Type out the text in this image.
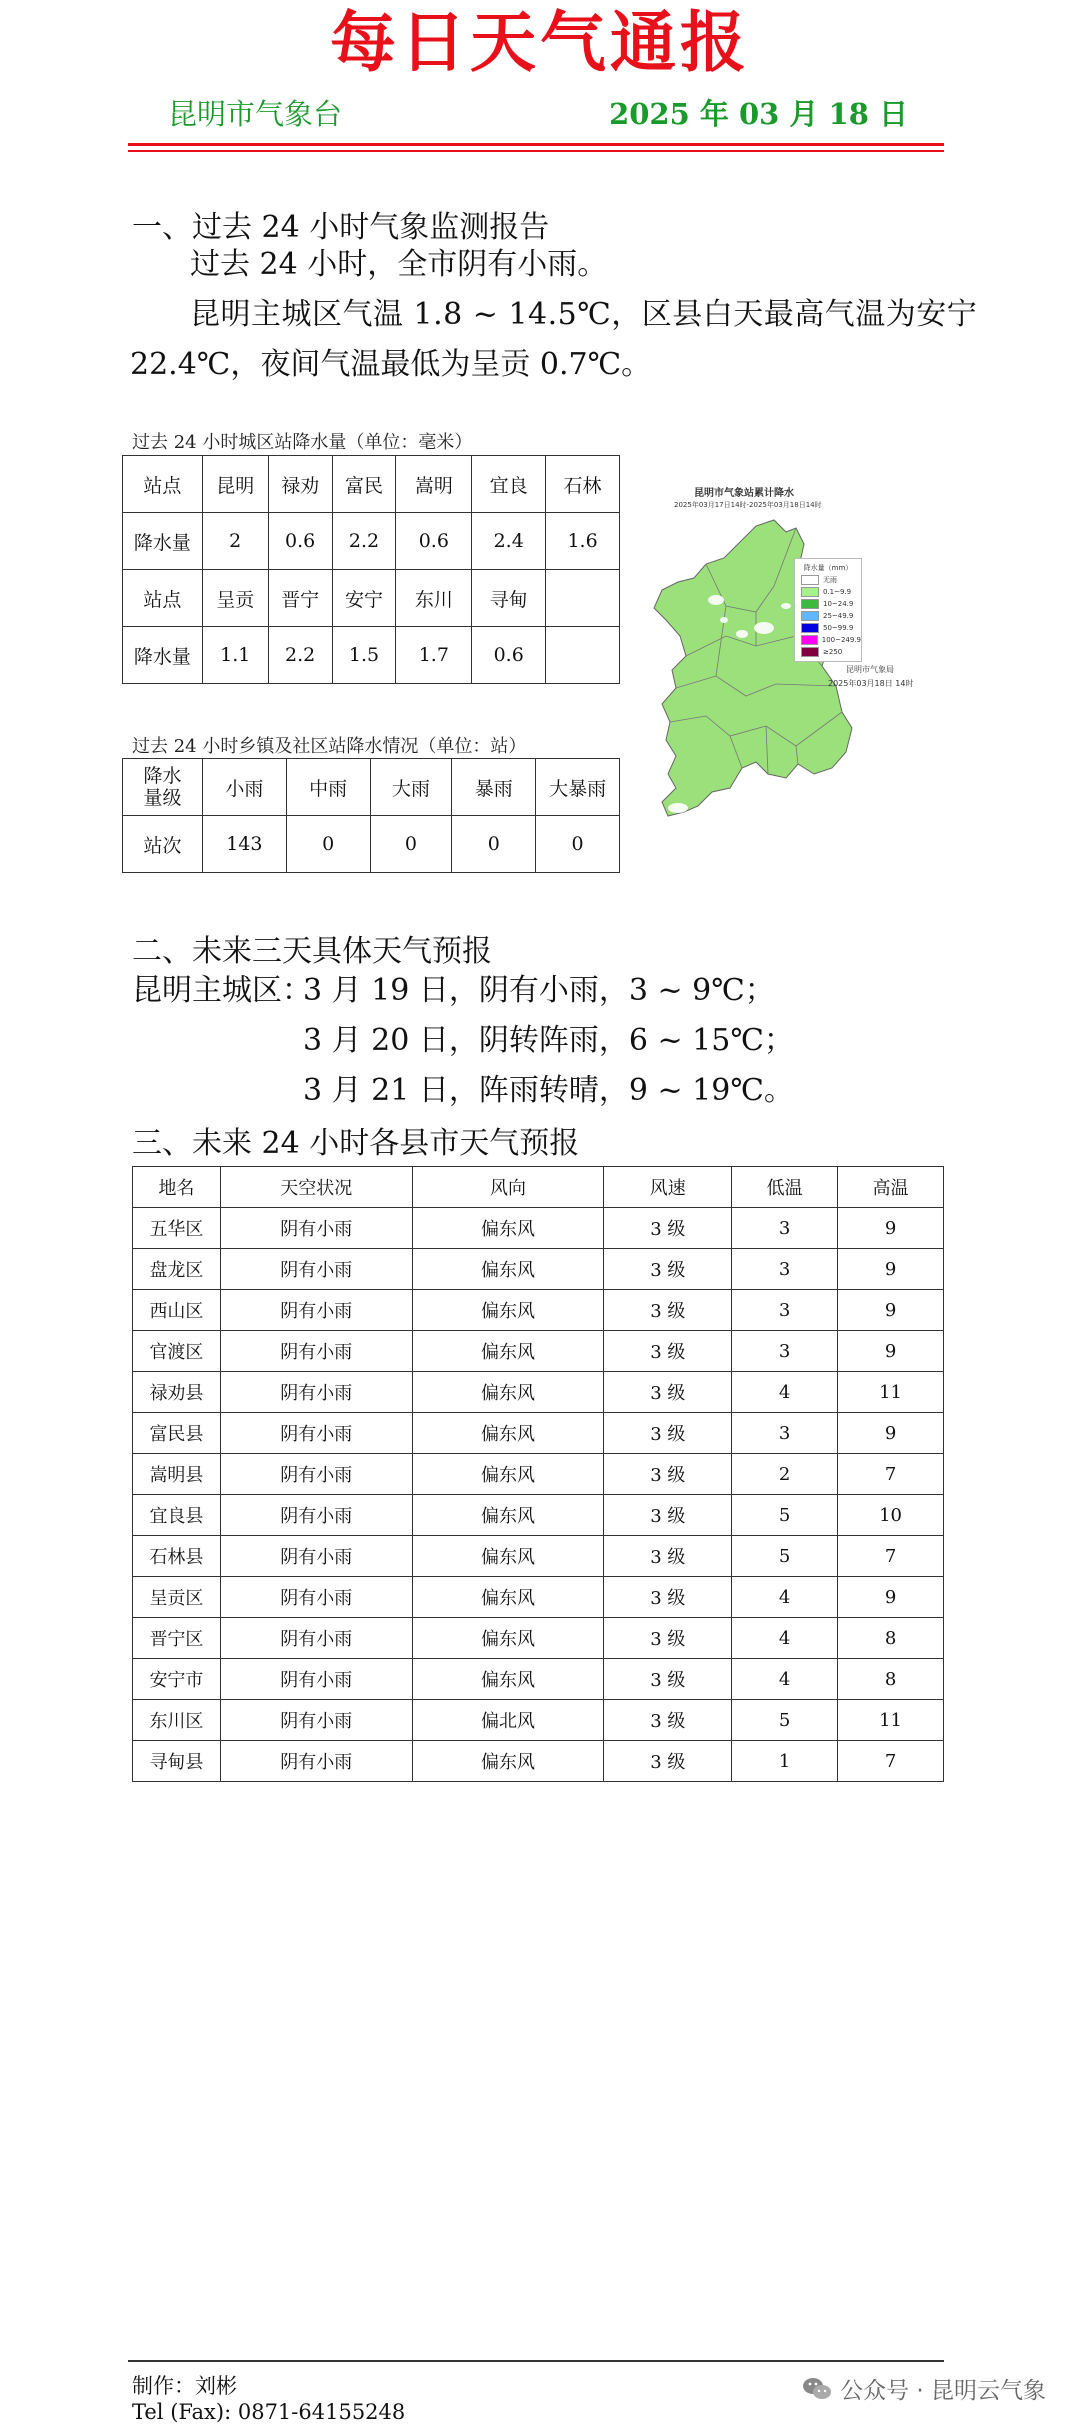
每日天气通报
昆明市气象台	2025 年 03 月 18 日
一、过去 24 小时气象监测报告
过去 24 小时，全市阴有小雨。
昆明主城区气温 1.8 ~ 14.5℃，区县白天最高气温为安宁
22.4℃，夜间气温最低为呈贡 0.7℃。
过去 24 小时城区站降水量（单位：毫米）
站点	昆明	禄劝	富民	嵩明	宜良	石林
降水量	2	0.6	2.2	0.6	2.4	1.6
站点	呈贡	晋宁	安宁	东川	寻甸	
降水量	1.1	2.2	1.5	1.7	0.6	
过去 24 小时乡镇及社区站降水情况（单位：站）
降水量级	小雨	中雨	大雨	暴雨	大暴雨
站次	143	0	0	0	0
昆明市气象站累计降水
2025年03月17日14时-2025年03月18日14时
降水量（mm）
无雨
0.1~9.9
10~24.9
25~49.9
50~99.9
100~249.9
≥250
昆明市气象局
2025年03月18日 14时
二、未来三天具体天气预报
昆明主城区：
3 月 19 日，阴有小雨，3 ~ 9℃；
3 月 20 日，阴转阵雨，6 ~ 15℃；
3 月 21 日，阵雨转晴，9 ~ 19℃。
三、未来 24 小时各县市天气预报
地名	天空状况	风向	风速	低温	高温
五华区	阴有小雨	偏东风	3 级	3	9
盘龙区	阴有小雨	偏东风	3 级	3	9
西山区	阴有小雨	偏东风	3 级	3	9
官渡区	阴有小雨	偏东风	3 级	3	9
禄劝县	阴有小雨	偏东风	3 级	4	11
富民县	阴有小雨	偏东风	3 级	3	9
嵩明县	阴有小雨	偏东风	3 级	2	7
宜良县	阴有小雨	偏东风	3 级	5	10
石林县	阴有小雨	偏东风	3 级	5	7
呈贡区	阴有小雨	偏东风	3 级	4	9
晋宁区	阴有小雨	偏东风	3 级	4	8
安宁市	阴有小雨	偏东风	3 级	4	8
东川区	阴有小雨	偏北风	3 级	5	11
寻甸县	阴有小雨	偏东风	3 级	1	7
制作：刘彬
Tel (Fax): 0871-64155248
公众号 · 昆明云气象
